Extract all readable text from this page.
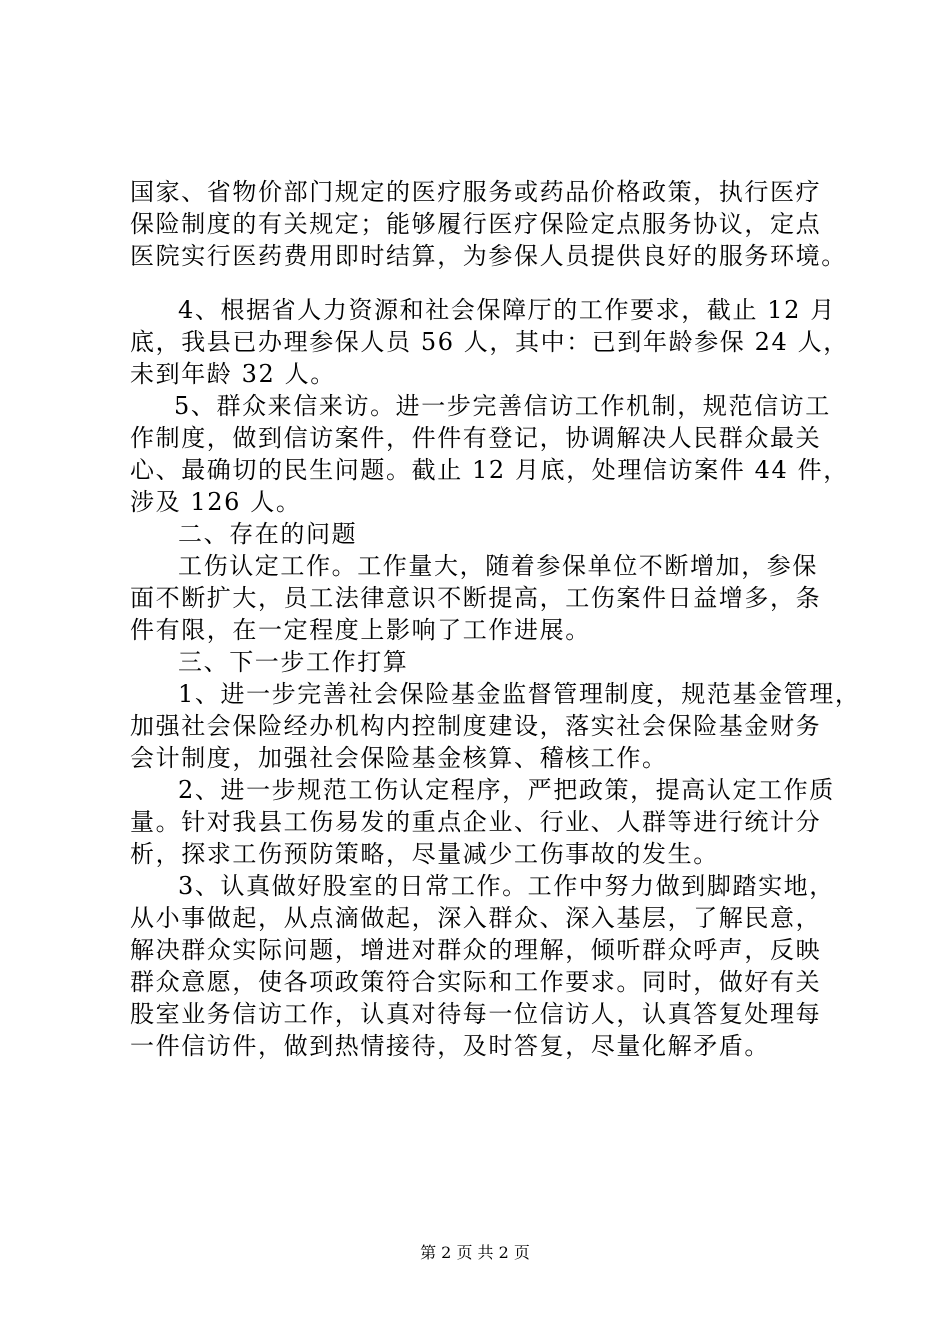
国家、省物价部门规定的医疗服务或药品价格政策，执行医疗
保险制度的有关规定；能够履行医疗保险定点服务协议，定点
医院实行医药费用即时结算，为参保人员提供良好的服务环境。
4、根据省人力资源和社会保障厅的工作要求，截止 12 月
底，我县已办理参保人员 56 人，其中：已到年龄参保 24 人，
未到年龄 32 人。
5、群众来信来访。进一步完善信访工作机制，规范信访工
作制度，做到信访案件，件件有登记，协调解决人民群众最关
心、最确切的民生问题。截止 12 月底，处理信访案件 44 件，
涉及 126 人。
二、存在的问题
工伤认定工作。工作量大，随着参保单位不断增加，参保
面不断扩大，员工法律意识不断提高，工伤案件日益增多，条
件有限，在一定程度上影响了工作进展。
三、下一步工作打算
1、进一步完善社会保险基金监督管理制度，规范基金管理，
加强社会保险经办机构内控制度建设，落实社会保险基金财务
会计制度，加强社会保险基金核算、稽核工作。
2、进一步规范工伤认定程序，严把政策，提高认定工作质
量。针对我县工伤易发的重点企业、行业、人群等进行统计分
析，探求工伤预防策略，尽量减少工伤事故的发生。
3、认真做好股室的日常工作。工作中努力做到脚踏实地，
从小事做起，从点滴做起，深入群众、深入基层，了解民意，
解决群众实际问题，增进对群众的理解，倾听群众呼声，反映
群众意愿，使各项政策符合实际和工作要求。同时，做好有关
股室业务信访工作，认真对待每一位信访人，认真答复处理每
一件信访件，做到热情接待，及时答复，尽量化解矛盾。
第 2 页 共 2 页
